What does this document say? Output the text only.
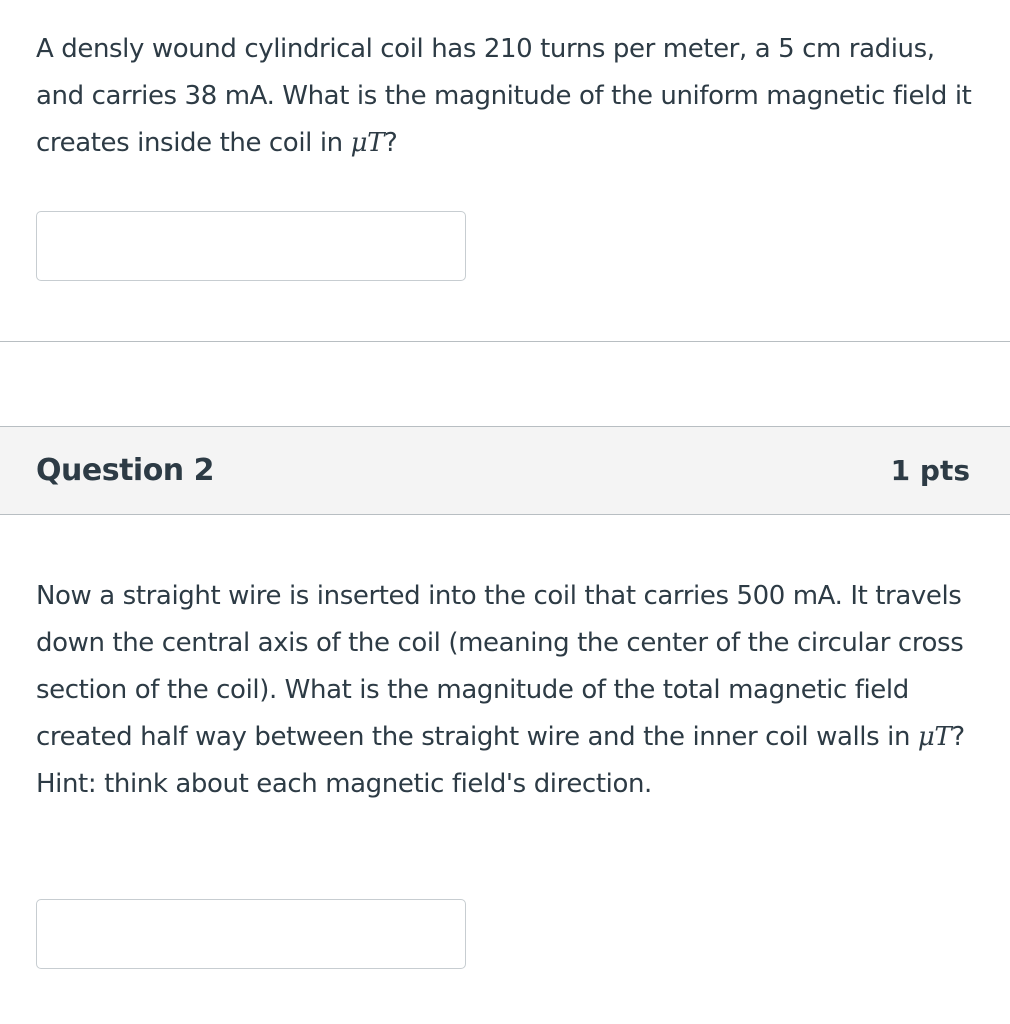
A densly wound cylindrical coil has 210 turns per meter, a 5 cm radius, and carries 38 mA. What is the magnitude of the uniform magnetic field it creates inside the coil in μT?
Question 2	1 pts
Now a straight wire is inserted into the coil that carries 500 mA. It travels down the central axis of the coil (meaning the center of the circular cross section of the coil). What is the magnitude of the total magnetic field created half way between the straight wire and the inner coil walls in μT? Hint: think about each magnetic field's direction.
